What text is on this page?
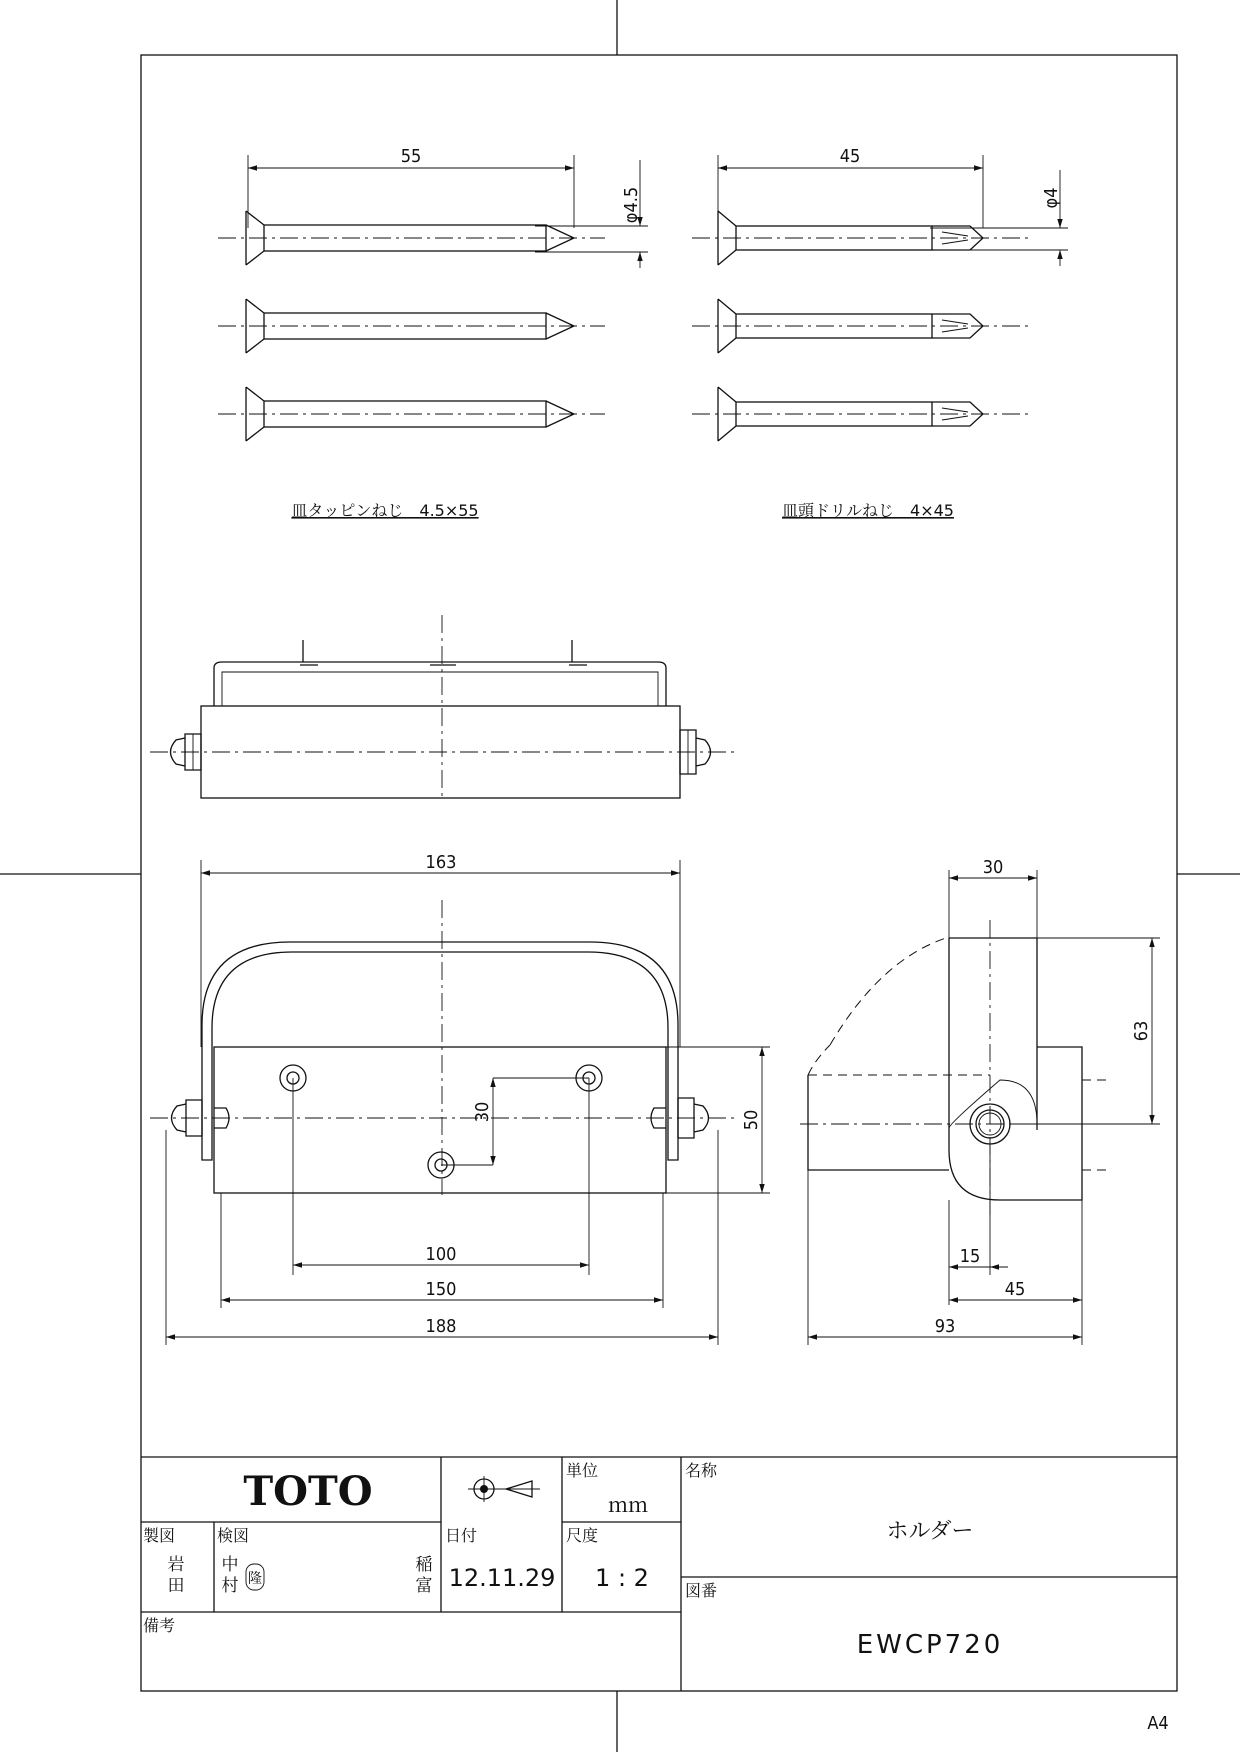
55
φ4.5
皿タッピンねじ　4.5×55
45
φ4
皿頭ドリルねじ　4×45
163
30	50
100
150
188
30
63
15
45
93
TOTO	単位
ｍｍ
名称
ホルダー
製図
岩
田
検図
中
村 隆
稲
富
日付
12.11.29
尺度
1 : 2 図番
EWCP720
備考
A4
